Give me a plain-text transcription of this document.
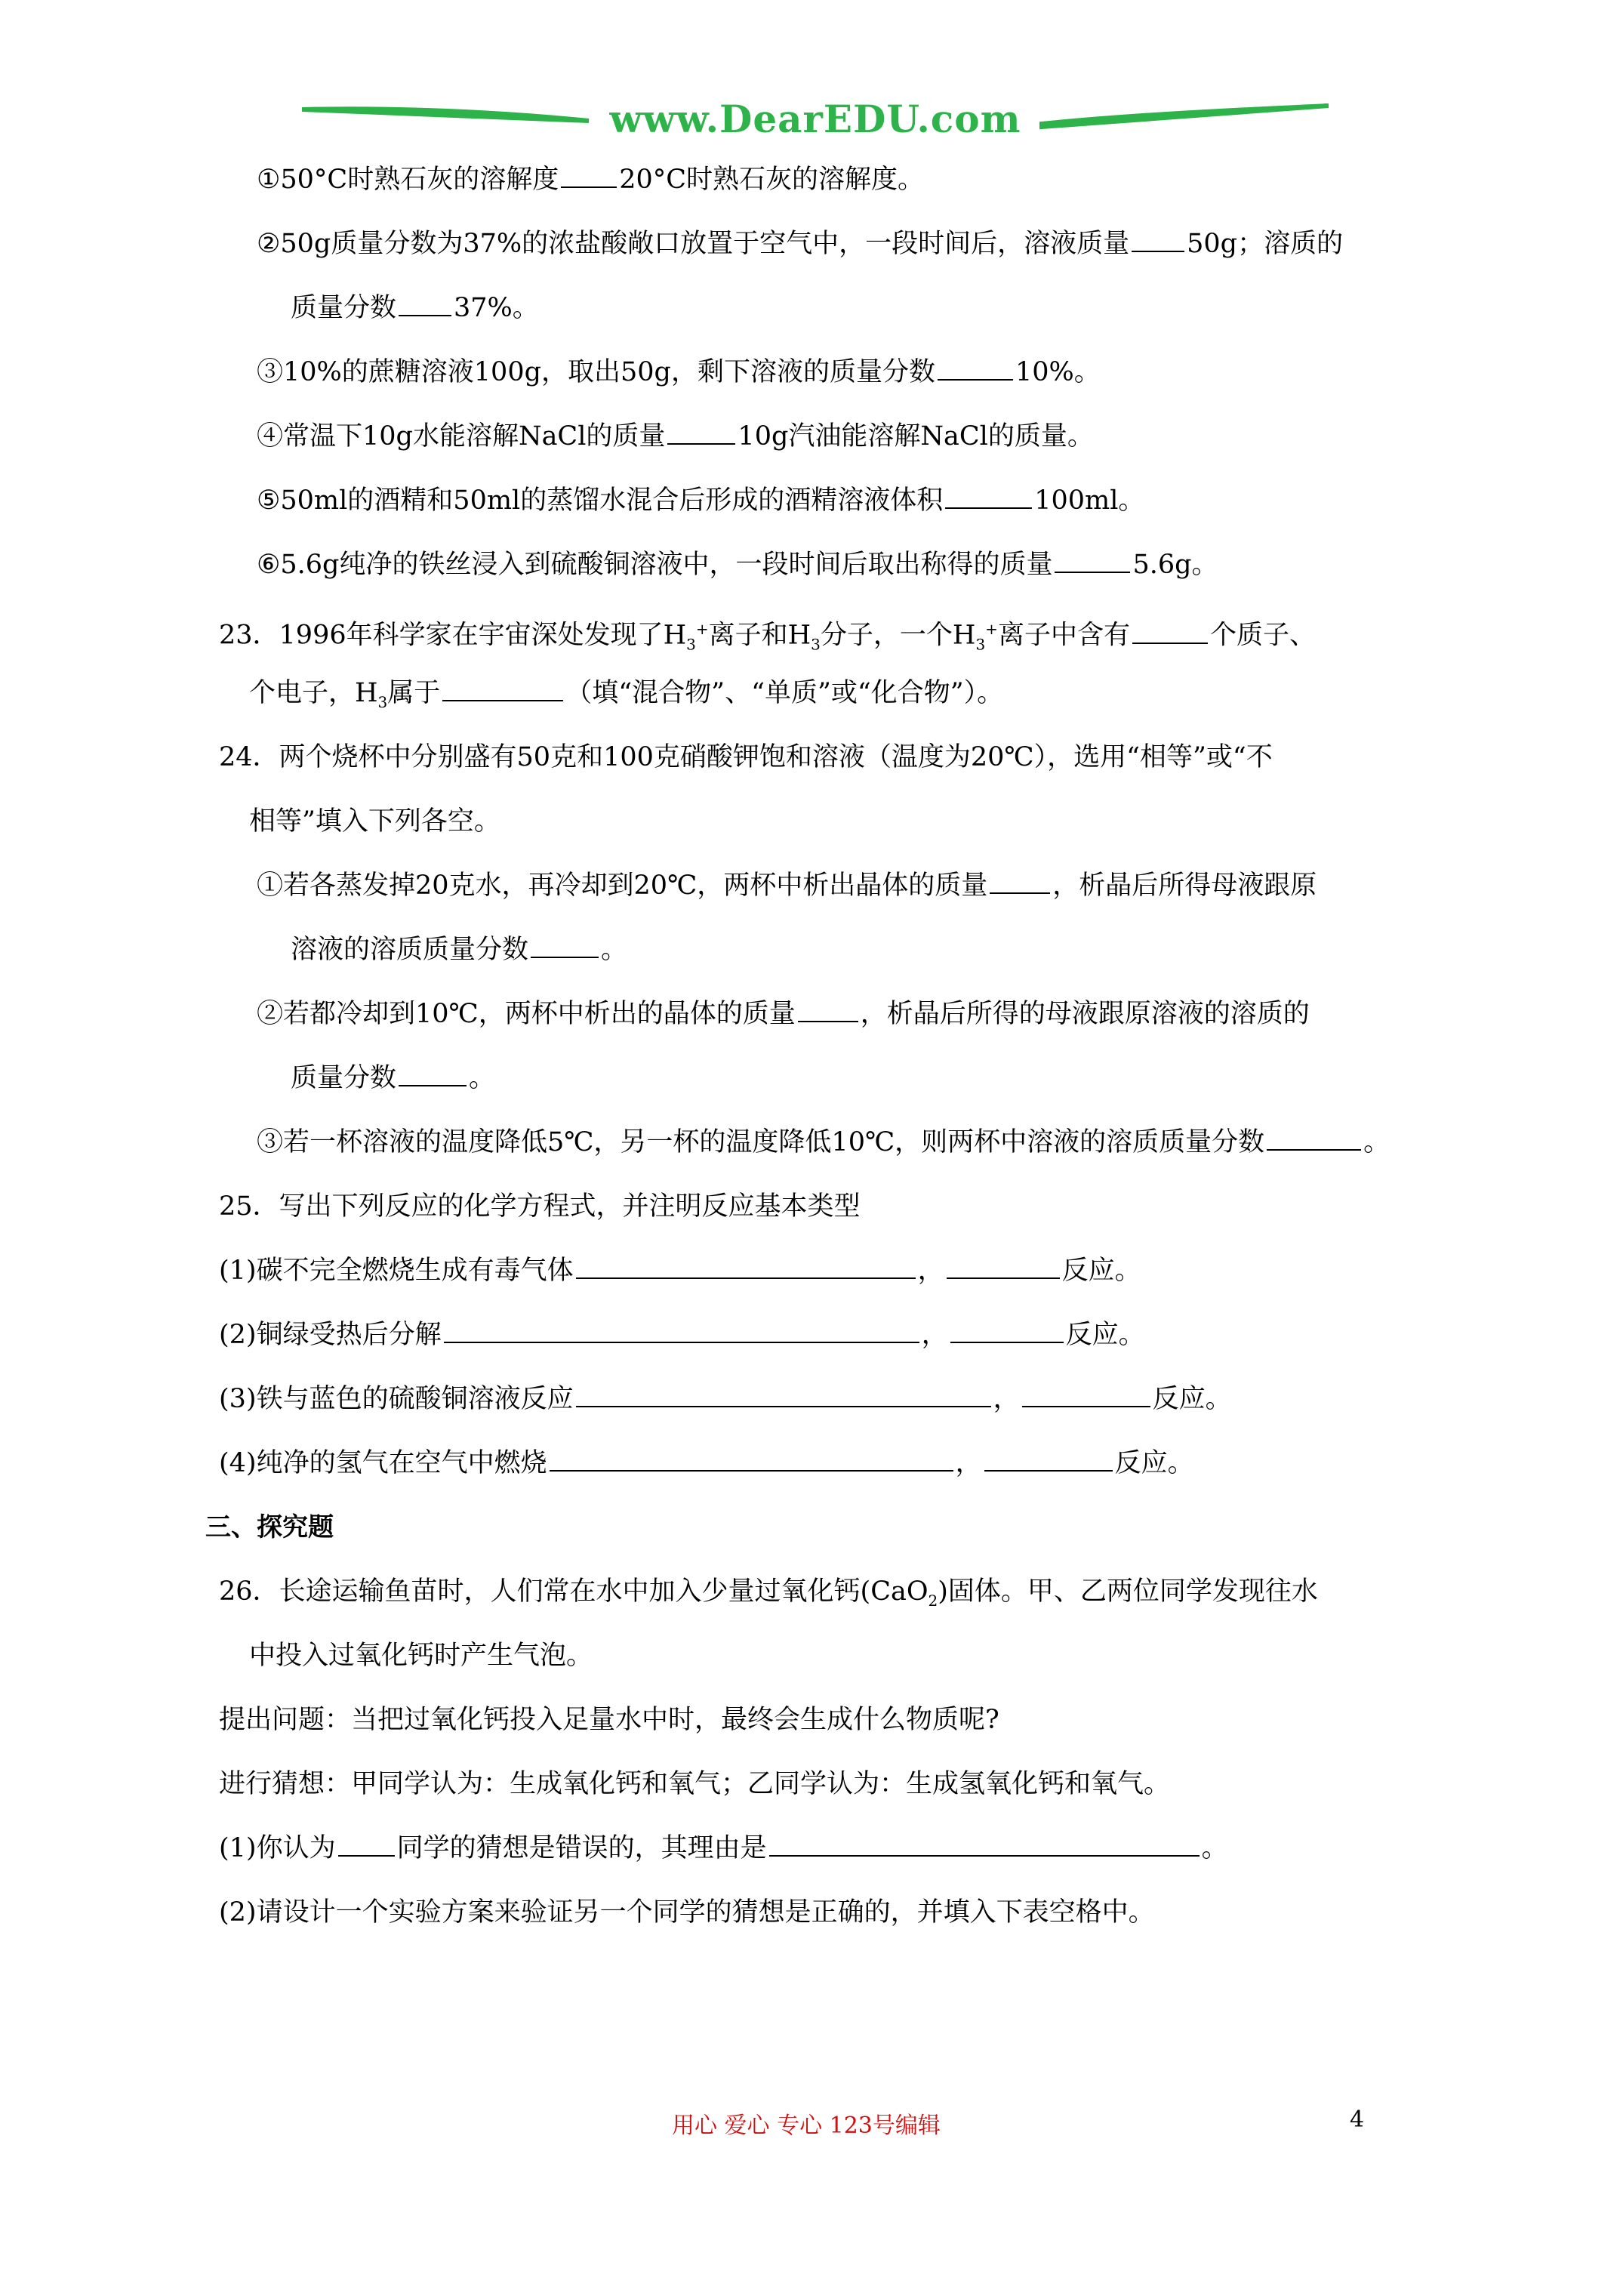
www.DearEDU.com
①50°C时熟石灰的溶解度 20°C时熟石灰的溶解度。
②50g质量分数为37%的浓盐酸敞口放置于空气中，一段时间后，溶液质量 50g；溶质的
质量分数 37%。
③10%的蔗糖溶液100g，取出50g，剩下溶液的质量分数	10%。
④常温下10g水能溶解NaCl的质量	10g汽油能溶解NaCl的质量。
⑤50ml的酒精和50ml的蒸馏水混合后形成的酒精溶液体积	100ml。
⑥5.6g纯净的铁丝浸入到硫酸铜溶液中，一段时间后取出称得的质量	5.6g。
23．1996年科学家在宇宙深处发现了$H_3^+$离子和$H_3$分子，一个$H_3^+$离子中含有	个质子、
个电子，$H_3$属于	（填“混合物”、“单质”或“化合物”）。
24．两个烧杯中分别盛有50克和100克硝酸钾饱和溶液（温度为20℃），选用“相等”或“不
相等”填入下列各空。
①若各蒸发掉20克水，再冷却到20℃，两杯中析出晶体的质量 ，析晶后所得母液跟原
溶液的溶质质量分数	。
②若都冷却到10℃，两杯中析出的晶体的质量 ，析晶后所得的母液跟原溶液的溶质的
质量分数	。
③若一杯溶液的温度降低5℃，另一杯的温度降低10℃，则两杯中溶液的溶质质量分数	。
25．写出下列反应的化学方程式，并注明反应基本类型
(1)碳不完全燃烧生成有毒气体	，	反应。
(2)铜绿受热后分解	，	反应。
(3)铁与蓝色的硫酸铜溶液反应	，	反应。
(4)纯净的氢气在空气中燃烧	，	反应。
三、探究题
26．长途运输鱼苗时，人们常在水中加入少量过氧化钙(CaO$_2$)固体。甲、乙两位同学发现往水
中投入过氧化钙时产生气泡。
提出问题：当把过氧化钙投入足量水中时，最终会生成什么物质呢?
进行猜想：甲同学认为：生成氧化钙和氧气；乙同学认为：生成氢氧化钙和氧气。
(1)你认为 同学的猜想是错误的，其理由是	。
(2)请设计一个实验方案来验证另一个同学的猜想是正确的，并填入下表空格中。
用心 爱心 专心 123号编辑	4
